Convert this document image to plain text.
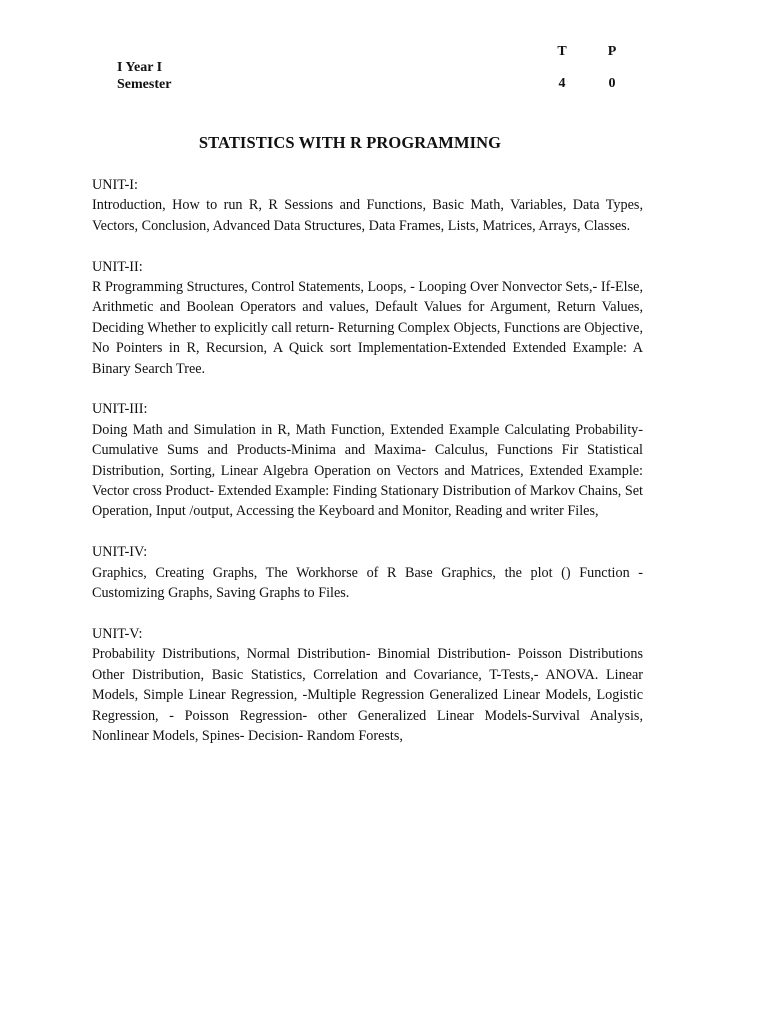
I Year I
Semester
T
4
P
0
STATISTICS WITH R PROGRAMMING
UNIT-I:
Introduction, How to run R, R Sessions and Functions, Basic Math, Variables, Data Types, Vectors, Conclusion, Advanced Data Structures, Data Frames, Lists, Matrices, Arrays, Classes.
UNIT-II:
R Programming Structures, Control Statements, Loops, - Looping Over Nonvector Sets,- If-Else, Arithmetic and Boolean Operators and values, Default Values for Argument, Return Values, Deciding Whether to explicitly call return- Returning Complex Objects, Functions are Objective, No Pointers in R, Recursion, A Quick sort Implementation-Extended Extended Example: A Binary Search Tree.
UNIT-III:
Doing Math and Simulation in R, Math Function, Extended Example Calculating Probability- Cumulative Sums and Products-Minima and Maxima- Calculus, Functions Fir Statistical Distribution, Sorting, Linear Algebra Operation on Vectors and Matrices, Extended Example: Vector cross Product- Extended Example: Finding Stationary Distribution of Markov Chains, Set Operation, Input /output, Accessing the Keyboard and Monitor, Reading and writer Files,
UNIT-IV:
Graphics, Creating Graphs, The Workhorse of R Base Graphics, the plot () Function - Customizing Graphs, Saving Graphs to Files.
UNIT-V:
Probability Distributions, Normal Distribution- Binomial Distribution- Poisson Distributions Other Distribution, Basic Statistics, Correlation and Covariance, T-Tests,- ANOVA. Linear Models, Simple Linear Regression, -Multiple Regression Generalized Linear Models, Logistic Regression, - Poisson Regression- other Generalized Linear Models-Survival Analysis, Nonlinear Models, Spines- Decision- Random Forests,
